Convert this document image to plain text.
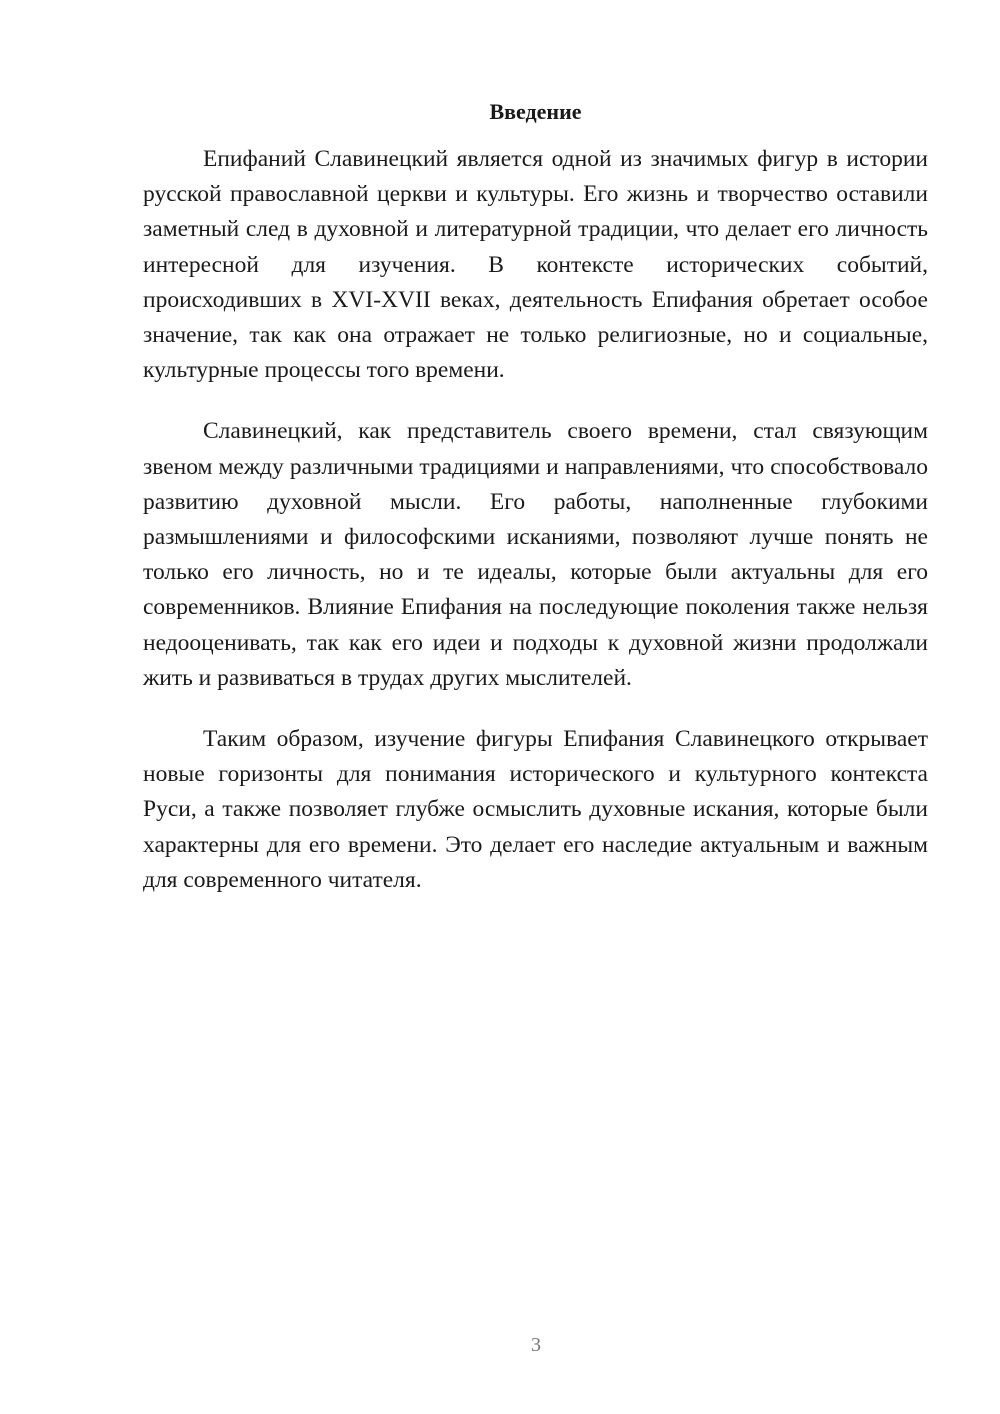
Введение

Епифаний Славинецкий является одной из значимых фигур в истории русской православной церкви и культуры. Его жизнь и творчество оставили заметный след в духовной и литературной традиции, что делает его личность интересной для изучения. В контексте исторических событий, происходивших в XVI-XVII веках, деятельность Епифания обретает особое значение, так как она отражает не только религиозные, но и социальные, культурные процессы того времени.

Славинецкий, как представитель своего времени, стал связующим звеном между различными традициями и направлениями, что способствовало развитию духовной мысли. Его работы, наполненные глубокими размышлениями и философскими исканиями, позволяют лучше понять не только его личность, но и те идеалы, которые были актуальны для его современников. Влияние Епифания на последующие поколения также нельзя недооценивать, так как его идеи и подходы к духовной жизни продолжали жить и развиваться в трудах других мыслителей.

Таким образом, изучение фигуры Епифания Славинецкого открывает новые горизонты для понимания исторического и культурного контекста Руси, а также позволяет глубже осмыслить духовные искания, которые были характерны для его времени. Это делает его наследие актуальным и важным для современного читателя.

3
